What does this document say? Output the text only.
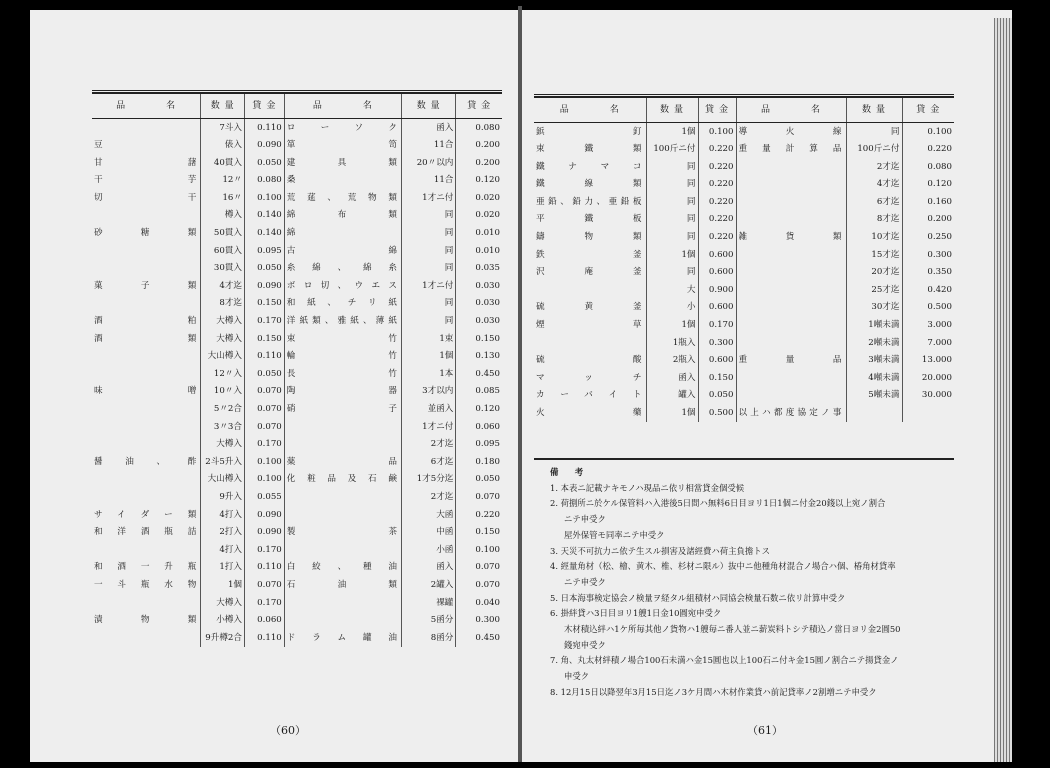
品　　　　 名	数 量	貸 金	品　　　　 名	数 量	貸 金
	7斗入	0.110	ローソク	函入	0.080
豆	俵入	0.090	箪　笥	11合	0.200
甘　藷	40貫入	0.050	建　具　類	20〃以内	0.200
干　芋	12〃	0.080	桑	11合	0.120
切　干	16〃	0.100	荒莚、荒物類	1才ニ付	0.020
	樽入	0.140	綿　布　類	同	0.020
砂　糖　類	50貫入	0.140	綿	同	0.010
	60貫入	0.095	古　綿	同	0.010
	30貫入	0.050	糸綿、綿糸	同	0.035
菓　子　類	4才迄	0.090	ボロ切、ウエス	1才ニ付	0.030
	8才迄	0.150	和紙、チリ紙	同	0.030
酒　粕	大樽入	0.170	洋紙類、雅紙、薄紙	同	0.030
酒　類	大樽入	0.150	束　竹	1束	0.150
	大山樽入	0.110	輪　竹	1個	0.130
	12〃入	0.050	長　竹	1本	0.450
味　噌	10〃入	0.070	陶　器	3才以内	0.085
	5〃2合	0.070	硝　子	並函入	0.120
	3〃3合	0.070		1才ニ付	0.060
	大樽入	0.170		2才迄	0.095
醤油、酢	2斗5升入	0.100	薬　品	6才迄	0.180
	大山樽入	0.100	化粧品及石鹸	1才5分迄	0.050
	9升入	0.055		2才迄	0.070
サイダー類	4打入	0.090		大函	0.220
和洋酒瓶詰	2打入	0.090	製　茶	中函	0.150
	4打入	0.170		小函	0.100
和酒一升瓶	1打入	0.110	白絞、種油	函入	0.070
一斗瓶水物	1個	0.070	石　油　類	2罐入	0.070
	大樽入	0.170		裸罐	0.040
漬　物　類	小樽入	0.060		5函分	0.300
	9升樽2合	0.110	ドラム罐油	8函分	0.450
（60）
品　　　　 名	数 量	貸 金	品　　　　 名	数 量	貸 金
鋲　釘	1個	0.100	導火線	同	0.100
束鐵類	100斤ニ付	0.220	重量計算品	100斤ニ付	0.220
鐵ナマコ	同	0.220		2才迄	0.080
鐵線類	同	0.220		4才迄	0.120
亜鉛、鉛力、亜鉛板	同	0.220		6才迄	0.160
平鐵板	同	0.220		8才迄	0.200
鑄物類	同	0.220	雑　貨　類	10才迄	0.250
鉄　釜	1個	0.600		15才迄	0.300
沢　庵　釜	同	0.600		20才迄	0.350
	大	0.900		25才迄	0.420
硫黄釜	小	0.600		30才迄	0.500
煙　草	1個	0.170		1噸未満	3.000
	1瓶入	0.300		2噸未満	7.000
硫　酸	2瓶入	0.600	重　量　品	3噸未満	13.000
マッチ	函入	0.150		4噸未満	20.000
カーバイト	罐入	0.050		5噸未満	30.000
火　藥	1個	0.500	以上ハ都度協定ノ事		

備　考

1. 本表ニ記載ナキモノハ現品ニ依リ相當貸金個受候

2. 荷捌所ニ於ケル保管料ハ入港後5日間ハ無料6日目ヨリ1日1個ニ付金20錢以上宛ノ割合

ニテ申受ク

屋外保管モ同率ニテ申受ク

3. 天災不可抗力ニ依テ生スル損害及諸經費ハ荷主負擔トス

4. 經量角材（松、檜、黄木、椎、杉材ニ限ル）抜中ニ他種角材混合ノ場合ハ個、椿角材貸率

ニテ申受ク

5. 日本海事検定協会ノ検量ヲ経タル組積材ハ同協会検量石数ニ依リ計算申受ク

6. 掛絆貸ハ3日目ヨリ1艘1日金10圓宛申受ク

木材積込絆ハ1ケ所毎其他ノ貨物ハ1艘毎ニ番人並ニ薪炭料トシテ積込ノ當日ヨリ金2圓50

錢宛申受ク

7. 角、丸太材絆積ノ場合100石未満ハ金15圓也以上100石ニ付キ金15圓ノ割合ニテ揚貸金ノ

申受ク

8. 12月15日以降翌年3月15日迄ノ3ケ月間ハ木材作業貸ハ前記貸率ノ2割増ニテ申受ク

（61）
